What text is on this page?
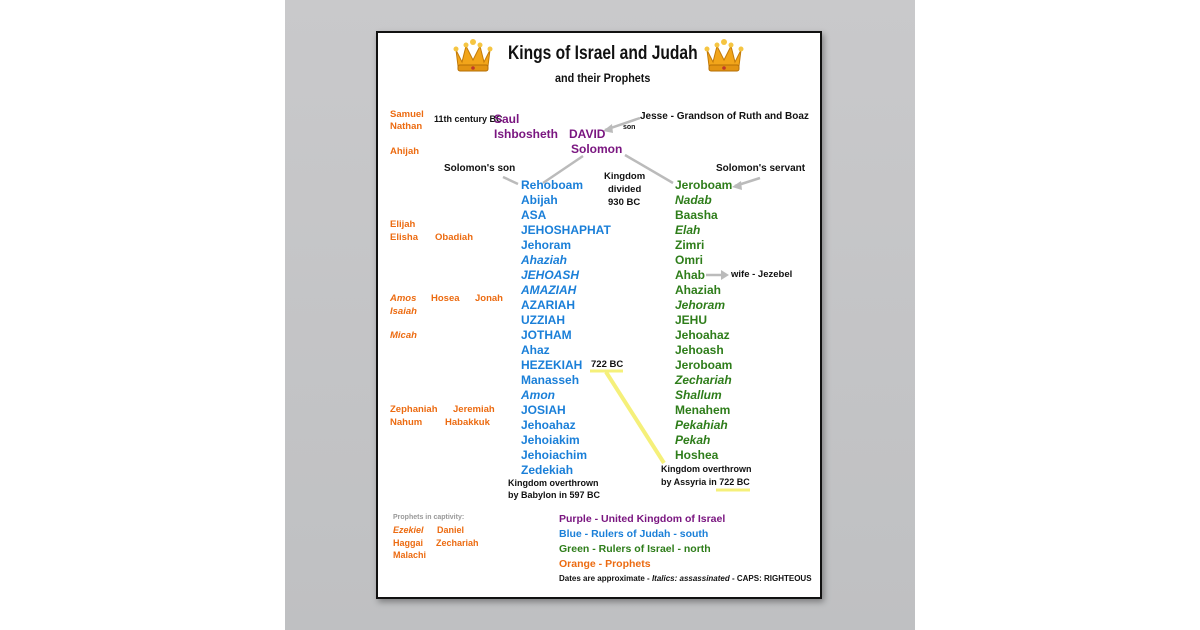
Kings of Israel and Judah
and their Prophets
11th century BC
Saul
Ishbosheth DAVID
Solomon
son
Jesse - Grandson of Ruth and Boaz
Solomon's son	Solomon's servant
Kingdom
divided
930 BC
wife - Jezebel
722 BC
Kingdom overthrown
by Babylon in 597 BC
Kingdom overthrown
by Assyria in 722 BC
Rehoboam
Abijah
ASA
JEHOSHAPHAT
Jehoram
Ahaziah
JEHOASH
AMAZIAH
AZARIAH
UZZIAH
JOTHAM
Ahaz
HEZEKIAH
Manasseh
Amon
JOSIAH
Jehoahaz
Jehoiakim
Jehoiachim
Zedekiah
Jeroboam
Nadab
Baasha
Elah
Zimri
Omri
Ahab
Ahaziah
Jehoram
JEHU
Jehoahaz
Jehoash
Jeroboam
Zechariah
Shallum
Menahem
Pekahiah
Pekah
Hoshea
Samuel
Nathan
Ahijah
Elijah
Elisha Obadiah
Amos Hosea Jonah
Isaiah
Micah
Zephaniah Jeremiah
Nahum Habakkuk
Prophets in captivity:
Ezekiel Daniel
Haggai Zechariah
Malachi
Purple - United Kingdom of Israel
Blue - Rulers of Judah - south
Green - Rulers of Israel - north
Orange - Prophets
Dates are approximate - Italics: assassinated - CAPS: RIGHTEOUS
